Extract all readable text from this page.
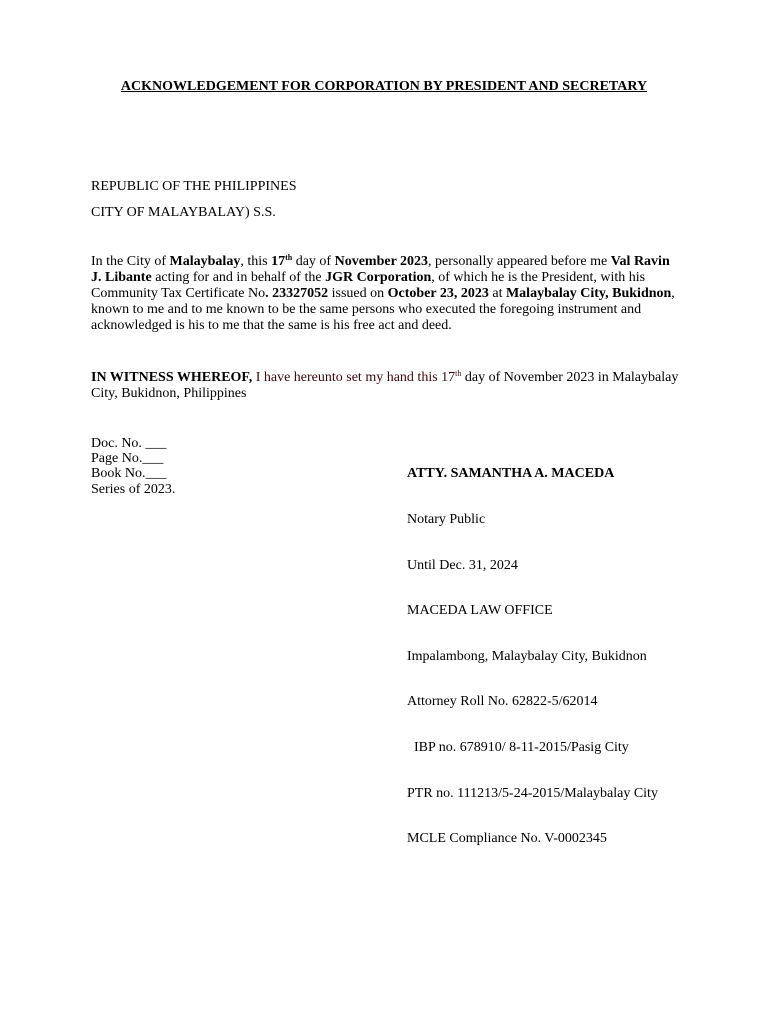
ACKNOWLEDGEMENT FOR CORPORATION BY PRESIDENT AND SECRETARY
REPUBLIC OF THE PHILIPPINES
CITY OF MALAYBALAY) S.S.
In the City of Malaybalay, this 17th day of November 2023, personally appeared before me Val Ravin J. Libante acting for and in behalf of the JGR Corporation, of which he is the President, with his Community Tax Certificate No. 23327052 issued on October 23, 2023 at Malaybalay City, Bukidnon, known to me and to me known to be the same persons who executed the foregoing instrument and acknowledged is his to me that the same is his free act and deed.
IN WITNESS WHEREOF, I have hereunto set my hand this 17th day of November 2023 in Malaybalay City, Bukidnon, Philippines
Doc. No. ___
Page No.___
Book No.___
Series of 2023.

ATTY. SAMANTHA A. MACEDA

Notary Public

Until Dec. 31, 2024

MACEDA LAW OFFICE

Impalambong, Malaybalay City, Bukidnon

Attorney Roll No. 62822-5/62014

IBP no. 678910/ 8-11-2015/Pasig City

PTR no. 111213/5-24-2015/Malaybalay City

MCLE Compliance No. V-0002345
